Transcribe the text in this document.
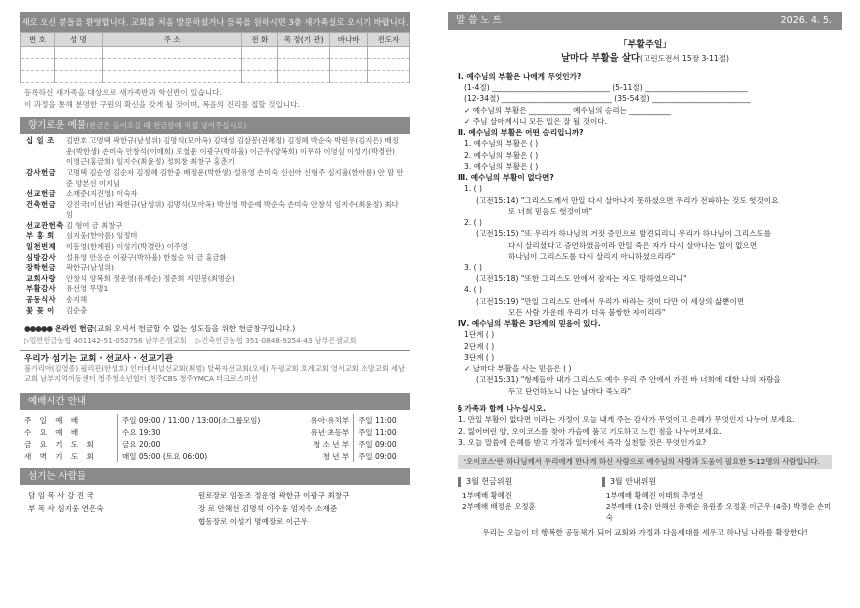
새로 오신 분들을 환영합니다. 교회를 처음 방문하셨거나 등록을 원하시면 3층 새가족실로 오시기 바랍니다.
번 호	성 명	주 소	전 화	목 장(기 관)	바나바	전도자

등록하신 새가족을 대상으로 새가족반과 학신반이 있습니다.
이 과정을 통해 분명한 구원의 확신을 갖게 될 것이며, 복음의 진리를 접할 것입니다.
향기로운 예물(현금은 들어오실 때 현금함에 직접 넣어주십시오)
십 일 조	김반호 고명택 곽한규(남성위) 김명석(모아옥) 김대성 김삼봉(권혜정) 김정혜 박순숙 박원우(김지은) 배정운(박한생) 손미숙 안창석(이매희) 오철운 이광구(박하율) 이근우(양복희) 이무하 이영심 이성기(박경란) 이영근(홍금희) 임지수(최윤정) 정희창 최창구 홍춘기
감사헌금	고명택 김순영 김순자 김정혜 김한중 배정운(박한생) 설유영 손미숙 신선아 신형주 심지율(한아름) 안 맘 안 준 양본선 이지님
선교헌금	소재준(지진영) 이숙자
건축헌금	강진국(이선남) 곽한규(남성위) 김명석(모아옥) 박선영 박순예 박순숙 손미숙 안창석 임지수(최윤정) 최다임
선교관헌축 김 형여 금 최창구
부 홍 회	심지웅(한아름) 임정미
일천번제	이동영(한계원) 이성기(박경란) 이주영
심방감사	설유영 안응순 이광구(박하율) 한철승 허 금 홍금화
장학헌금	곽한규(남성위)
교회사랑	안창석 양복희 정운영(유재순) 정준희 지민봉(최명순)
부활감사	유선영 무명1
공동식사	송지해
꽃 꽂 이	김순충
●●●●● 온라인 헌금(교회 오셔서 헌금할 수 없는 성도들을 위한 헌금창구입니다.)
▷일반헌금농협 401142-51-052756 남부은샘교회 ▷건축헌금농협 351-0848-9254-43 남부은샘교회
우리가 섬기는 교회 · 선교사 · 선교기관
불가리아(김영종) 필리핀(한성호) 인터네셔널선교회(최범) 탈북자선교회(오세) 두평교회 호계교회 영서교회 소망교회 세남교회 남부지역어동센터 청주청소년협터 청주CBS 청주YMCA 더크로스미션
예배시간 안내
주 일 예 배	주일 09:00 / 11:00 / 13:00(소그룹모임)	유아·유치부	주일 11:00
수 요 예 배	수요 19:30	유년·초등부	주일 11:00
금 요 기 도 회	금요 20:00	청 소 년 부	주일 09:00
새 벽 기 도 회	매일 05:00 (토요 06:00)	청 년 부	주일 09:00
섬기는 사람들
담 임 목 사 강 진 국	원로장로 임동조 정운영 곽한규 이광구 최창구
부 목 사 심지웅 연은숙	장 로 안해선 김명석 이수웅 임지수 소재준
협동장로 이성기 명예장로 이근우
말 씀 노 트	2026. 4. 5.
「부활주일」
날마다 부활을 살다(고린도전서 15장 3-11절)
Ⅰ. 예수님의 부활은 나에게 무엇인가?
(1-4절) _______________________________ (5-11절) ___________________________
(12-34절) _____________________________ (35-54절) __________________________
✓ 예수님의 부활은 ___________ 예수님의 승리는 ___________
✓ 주님 살아계시니 모든 일은 잘 될 것이다.
Ⅱ. 예수님의 부활은 어떤 승리입니까?
1. 예수님의 부활은 ( )
2. 예수님의 부활은 ( )
3. 예수님의 부활은 ( )
Ⅲ. 예수님의 부활이 없다면?
1. ( )
(고전15:14) "그리스도께서 만일 다시 살아나지 못하셨으면 우리가 전파하는 것도 헛것이요
또 너희 믿음도 헛것이며"
2. ( )
(고전15:15) "또 우리가 하나님의 거짓 증인으로 발견되리니 우리가 하나님이 그리스도를
다시 살리셨다고 증언하였음이라 만일 죽은 자가 다시 살아나는 일이 없으면
하나님이 그리스도를 다시 살리지 아니하셨으리라"
3. ( )
(고전15:18) "또한 그리스도 안에서 잠자는 자도 망하였으리니"
4. ( )
(고전15:19) "만일 그리스도 안에서 우리가 바라는 것이 다만 이 세상의 삶뿐이면
모든 사람 가운데 우리가 더욱 불쌍한 자이리라"
Ⅳ. 예수님의 부활은 3단계의 믿음이 있다.
1단계 ( )
2단계 ( )
3단계 ( )
✓ 날마다 부활을 사는 믿음은 ( )
(고전15:31) "형제들아 내가 그리스도 예수 우리 주 안에서 가진 바 너희에 대한 나의 자랑을
두고 단언하노니 나는 날마다 죽노라"
§ 가족과 함께 나누십시오.
1. 만일 부활이 없다면 이라는 가정이 오늘 내게 주는 감사가 무엇이고 은혜가 무엇인지 나누어 보세요.
2. 잃어버린 양, 오이코스를 찾아 가슴에 품고 기도하고 느낀 점을 나누어보세요.
3. 오늘 말씀에 은혜를 받고 가정과 일터에서 즉각 실천할 것은 무엇인가요?
'오이코스'란 하나님께서 우리에게 만나게 하신 사람으로 예수님의 사랑과 도움이 필요한 5-12명의 사람입니다.
3월 헌금위원
1부예배 황혜진
2부예배 배정운 오정훈
3월 안내위원
1부예배 황혜진 이태희 추영선
2부예배 (1층) 안해선 유재순 유원종 오정훈 이근우 (4층) 박경순 손미숙
우리는 오늘이 더 행복한 공동체가 되어 교회와 가정과 다음세대를 세우고 하나님 나라를 확장한다!
